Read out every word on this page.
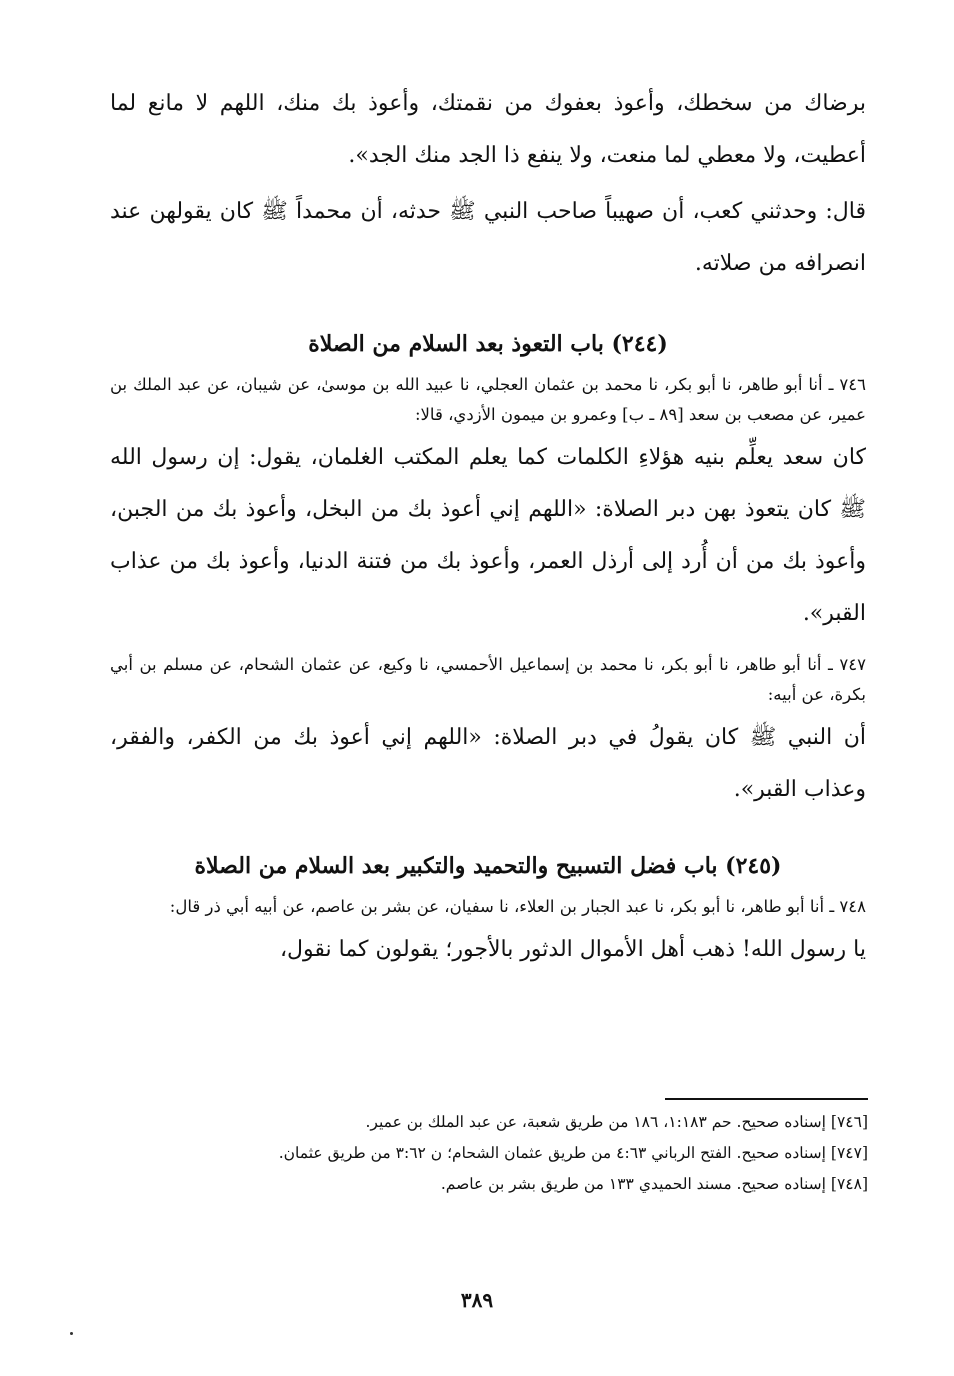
برضاك من سخطك، وأعوذ بعفوك من نقمتك، وأعوذ بك منك، اللهم لا مانع لما أعطيت، ولا معطي لما منعت، ولا ينفع ذا الجد منك الجد».

قال: وحدثني كعب، أن صهيباً صاحب النبي ﷺ حدثه، أن محمداً ﷺ كان يقولهن عند انصرافه من صلاته.

(٢٤٤) باب التعوذ بعد السلام من الصلاة

٧٤٦ ـ أنا أبو طاهر، نا أبو بكر، نا محمد بن عثمان العجلي، نا عبيد الله بن موسىٰ، عن شيبان، عن عبد الملك بن عمير، عن مصعب بن سعد [٨٩ ـ ب] وعمرو بن ميمون الأزدي، قالا:

كان سعد يعلِّم بنيه هؤلاءِ الكلمات كما يعلم المكتب الغلمان، يقول: إن رسول الله ﷺ كان يتعوذ بهن دبر الصلاة: «اللهم إني أعوذ بك من البخل، وأعوذ بك من الجبن، وأعوذ بك من أن أُرد إلى أرذل العمر، وأعوذ بك من فتنة الدنيا، وأعوذ بك من عذاب القبر».

٧٤٧ ـ أنا أبو طاهر، نا أبو بكر، نا محمد بن إسماعيل الأحمسي، نا وكيع، عن عثمان الشحام، عن مسلم بن أبي بكرة، عن أبيه:

أن النبي ﷺ كان يقولُ في دبر الصلاة: «اللهم إني أعوذ بك من الكفر، والفقر، وعذاب القبر».

(٢٤٥) باب فضل التسبيح والتحميد والتكبير بعد السلام من الصلاة

٧٤٨ ـ أنا أبو طاهر، نا أبو بكر، نا عبد الجبار بن العلاء، نا سفيان، عن بشر بن عاصم، عن أبيه أبي ذر قال:

يا رسول الله! ذهب أهل الأموال الدثور بالأجور؛ يقولون كما نقول،

[٧٤٦] إسناده صحيح. حم ١:١٨٣، ١٨٦ من طريق شعبة، عن عبد الملك بن عمير.

[٧٤٧] إسناده صحيح. الفتح الرباني ٤:٦٣ من طريق عثمان الشحام؛ ن ٣:٦٢ من طريق عثمان.

[٧٤٨] إسناده صحيح. مسند الحميدي ١٣٣ من طريق بشر بن عاصم.

٣٨٩
